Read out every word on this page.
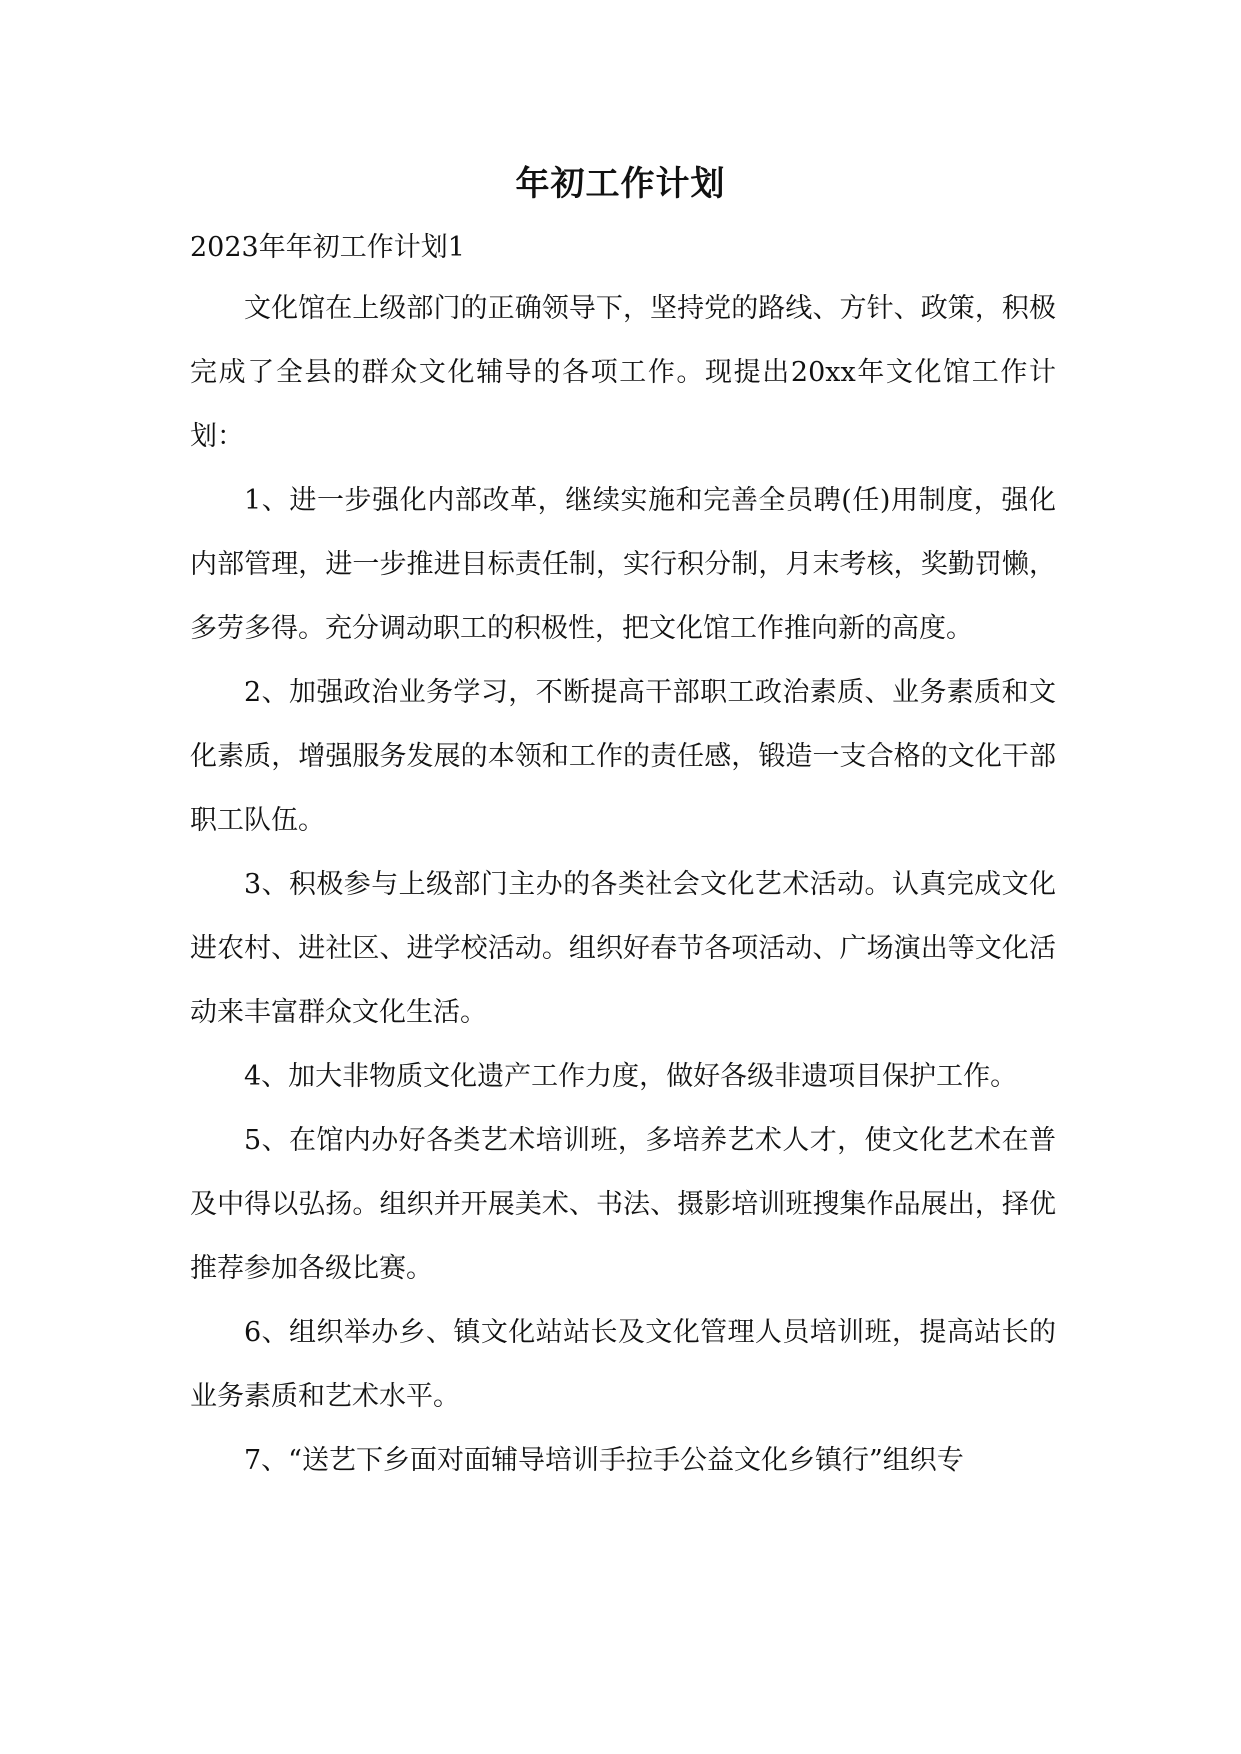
年初工作计划
2023年年初工作计划1

文化馆在上级部门的正确领导下，坚持党的路线、方针、政策，积极完成了全县的群众文化辅导的各项工作。现提出20xx年文化馆工作计划：

1、进一步强化内部改革，继续实施和完善全员聘(任)用制度，强化内部管理，进一步推进目标责任制，实行积分制，月末考核，奖勤罚懒，多劳多得。充分调动职工的积极性，把文化馆工作推向新的高度。

2、加强政治业务学习，不断提高干部职工政治素质、业务素质和文化素质，增强服务发展的本领和工作的责任感，锻造一支合格的文化干部职工队伍。

3、积极参与上级部门主办的各类社会文化艺术活动。认真完成文化进农村、进社区、进学校活动。组织好春节各项活动、广场演出等文化活动来丰富群众文化生活。

4、加大非物质文化遗产工作力度，做好各级非遗项目保护工作。

5、在馆内办好各类艺术培训班，多培养艺术人才，使文化艺术在普及中得以弘扬。组织并开展美术、书法、摄影培训班搜集作品展出，择优推荐参加各级比赛。

6、组织举办乡、镇文化站站长及文化管理人员培训班，提高站长的业务素质和艺术水平。

7、“送艺下乡面对面辅导培训手拉手公益文化乡镇行”组织专
